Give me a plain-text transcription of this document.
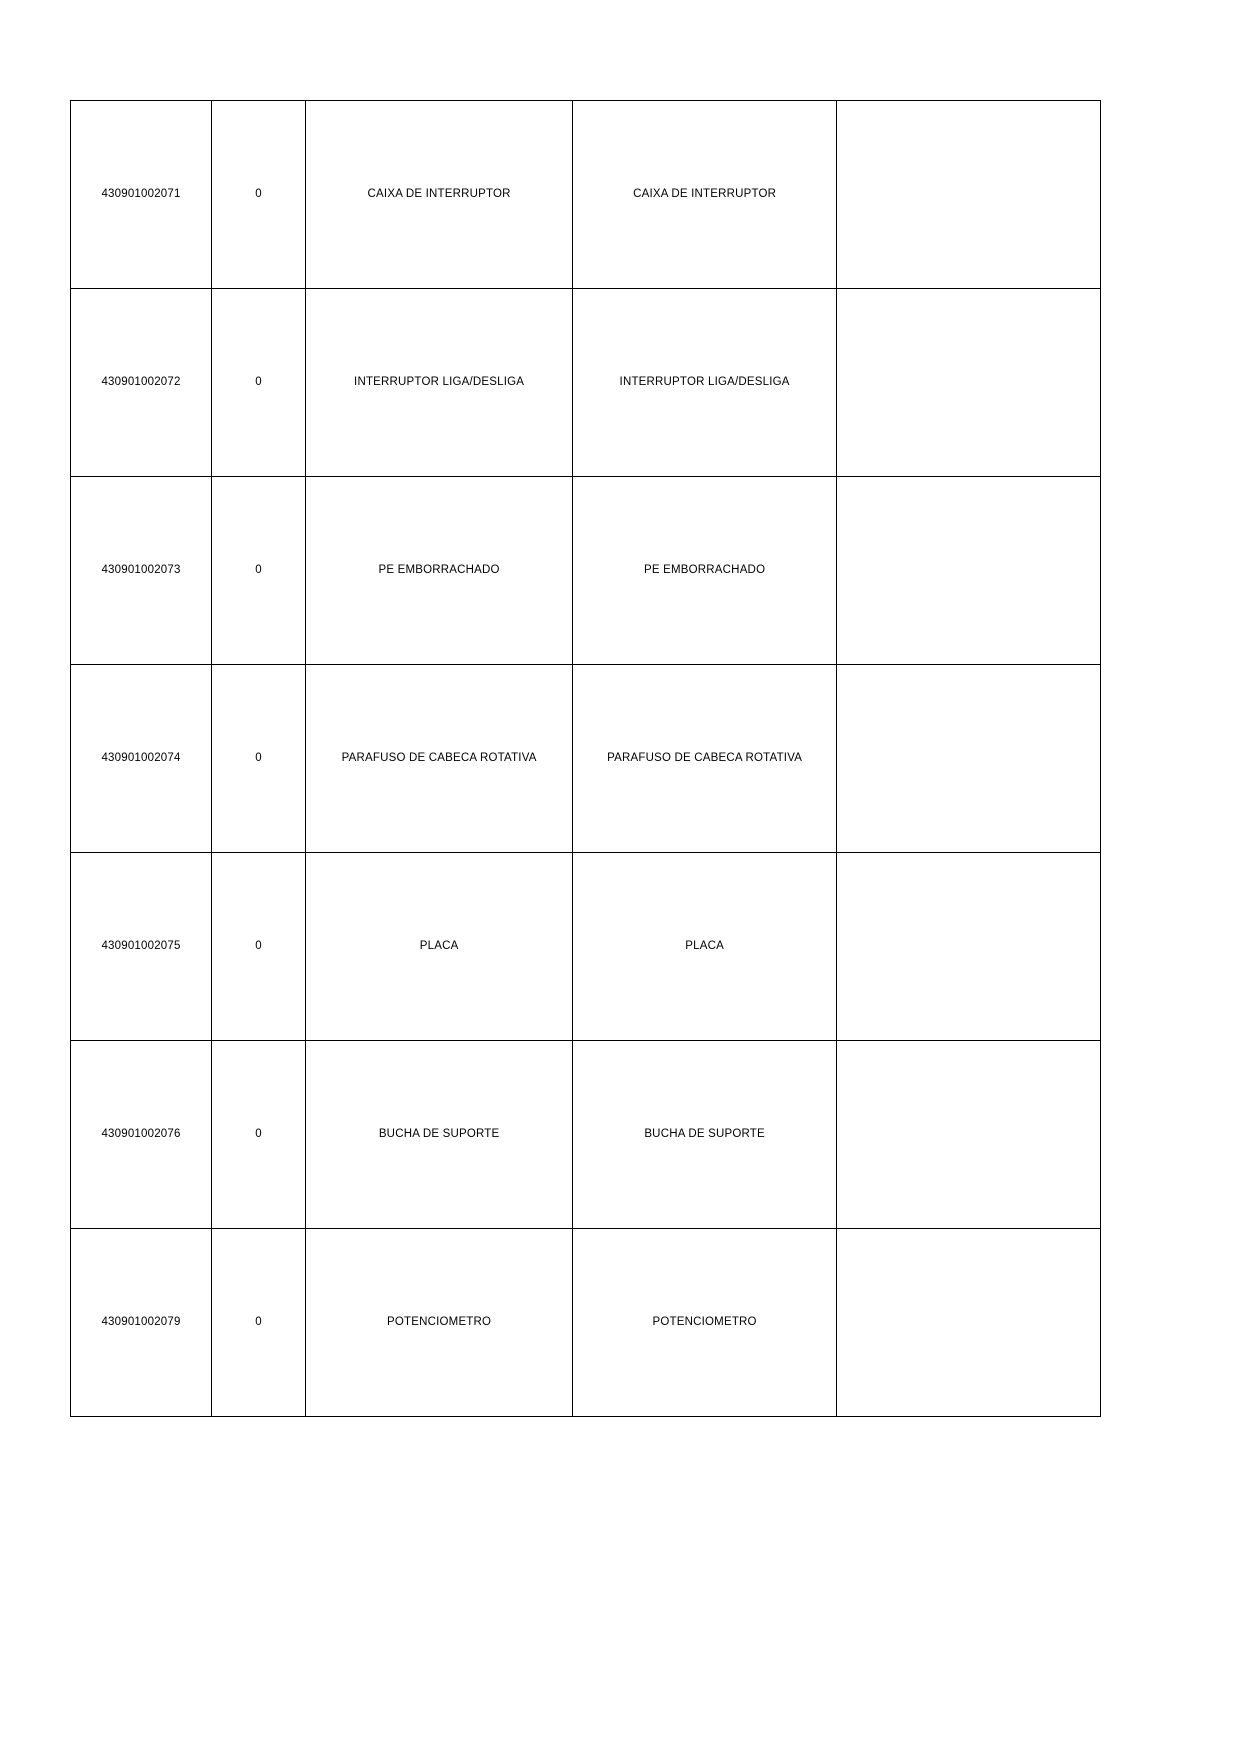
430901002071	0	CAIXA DE INTERRUPTOR	CAIXA DE INTERRUPTOR	

430901002072	0	INTERRUPTOR LIGA/DESLIGA	INTERRUPTOR LIGA/DESLIGA	

430901002073	0	PE EMBORRACHADO	PE EMBORRACHADO	

430901002074	0	PARAFUSO DE CABECA ROTATIVA	PARAFUSO DE CABECA ROTATIVA	

430901002075	0	PLACA	PLACA	

430901002076	0	BUCHA DE SUPORTE	BUCHA DE SUPORTE	

430901002079	0	POTENCIOMETRO	POTENCIOMETRO	
